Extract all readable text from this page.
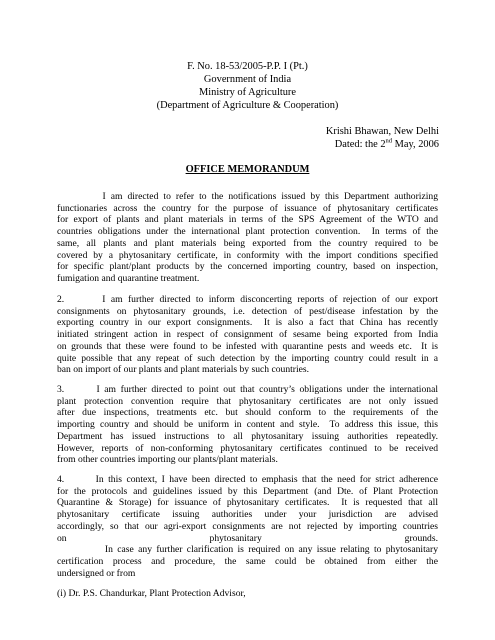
F. No. 18-53/2005-P.P. I (Pt.)
Government of India
Ministry of Agriculture
(Department of Agriculture & Cooperation)
Krishi Bhawan, New Delhi
Dated: the 2nd May, 2006
OFFICE MEMORANDUM
I am directed to refer to the notifications issued by this Department authorizing
functionaries across the country for the purpose of issuance of phytosanitary certificates
for export of plants and plant materials in terms of the SPS Agreement of the WTO and
countries obligations under the international plant protection convention.  In terms of the
same, all plants and plant materials being exported from the country required to be
covered by a phytosanitary certificate, in conformity with the import conditions specified
for specific plant/plant products by the concerned importing country, based on inspection,
fumigation and quarantine treatment.
2.       I am further directed to inform disconcerting reports of rejection of our export
consignments on phytosanitary grounds, i.e. detection of pest/disease infestation by the
exporting country in our export consignments.  It is also a fact that China has recently
initiated stringent action in respect of consignment of sesame being exported from India
on grounds that these were found to be infested with quarantine pests and weeds etc.  It is
quite possible that any repeat of such detection by the importing country could result in a
ban on import of our plants and plant materials by such countries.
3.       I am further directed to point out that country’s obligations under the international
plant protection convention require that phytosanitary certificates are not only issued
after due inspections, treatments etc. but should conform to the requirements of the
importing country and should be uniform in content and style.  To address this issue, this
Department has issued instructions to all phytosanitary issuing authorities repeatedly.
However, reports of non-conforming phytosanitary certificates continued to be received
from other countries importing our plants/plant materials.
4.       In this context, I have been directed to emphasis that the need for strict adherence
for the protocols and guidelines issued by this Department (and Dte. of Plant Protection
Quarantine & Storage) for issuance of phytosanitary certificates.  It is requested that all
phytosanitary certificate issuing authorities under your jurisdiction are advised
accordingly, so that our agri-export consignments are not rejected by importing countries
on phytosanitary grounds.
In case any further clarification is required on any issue relating to phytosanitary
certification process and procedure, the same could be obtained from either the
undersigned or from
(i) Dr. P.S. Chandurkar, Plant Protection Advisor,
